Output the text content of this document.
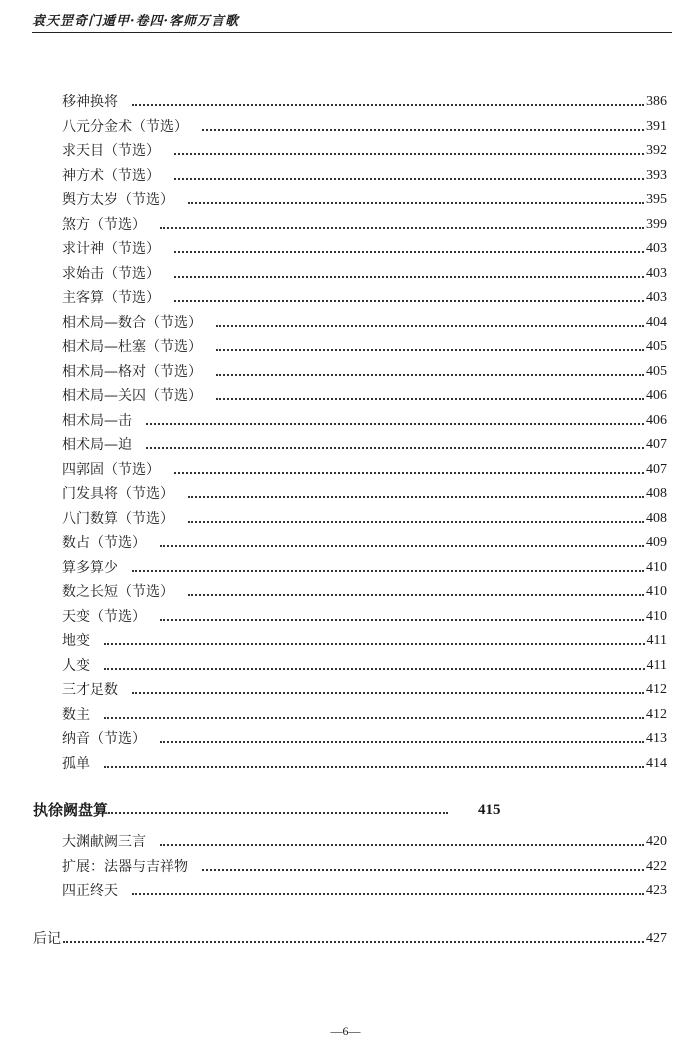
袁天罡奇门遁甲·卷四·客师万言歌
移神换将	386
八元分金术（节选）	391
求天目（节选）	392
神方术（节选）	393
舆方太岁（节选）	395
煞方（节选）	399
求计神（节选）	403
求始击（节选）	403
主客算（节选）	403
相术局—数合（节选）	404
相术局—杜塞（节选）	405
相术局—格对（节选）	405
相术局—关囚（节选）	406
相术局—击	406
相术局—迫	407
四郭固（节选）	407
门发具将（节选）	408
八门数算（节选）	408
数占（节选）	409
算多算少	410
数之长短（节选）	410
天变（节选）	410
地变	411
人变	411
三才足数	412
数主	412
纳音（节选）	413
孤单	414
执徐阙盘算	415
大渊献阙三言	420
扩展：法器与吉祥物	422
四正终天	423
后记	427
—6—
